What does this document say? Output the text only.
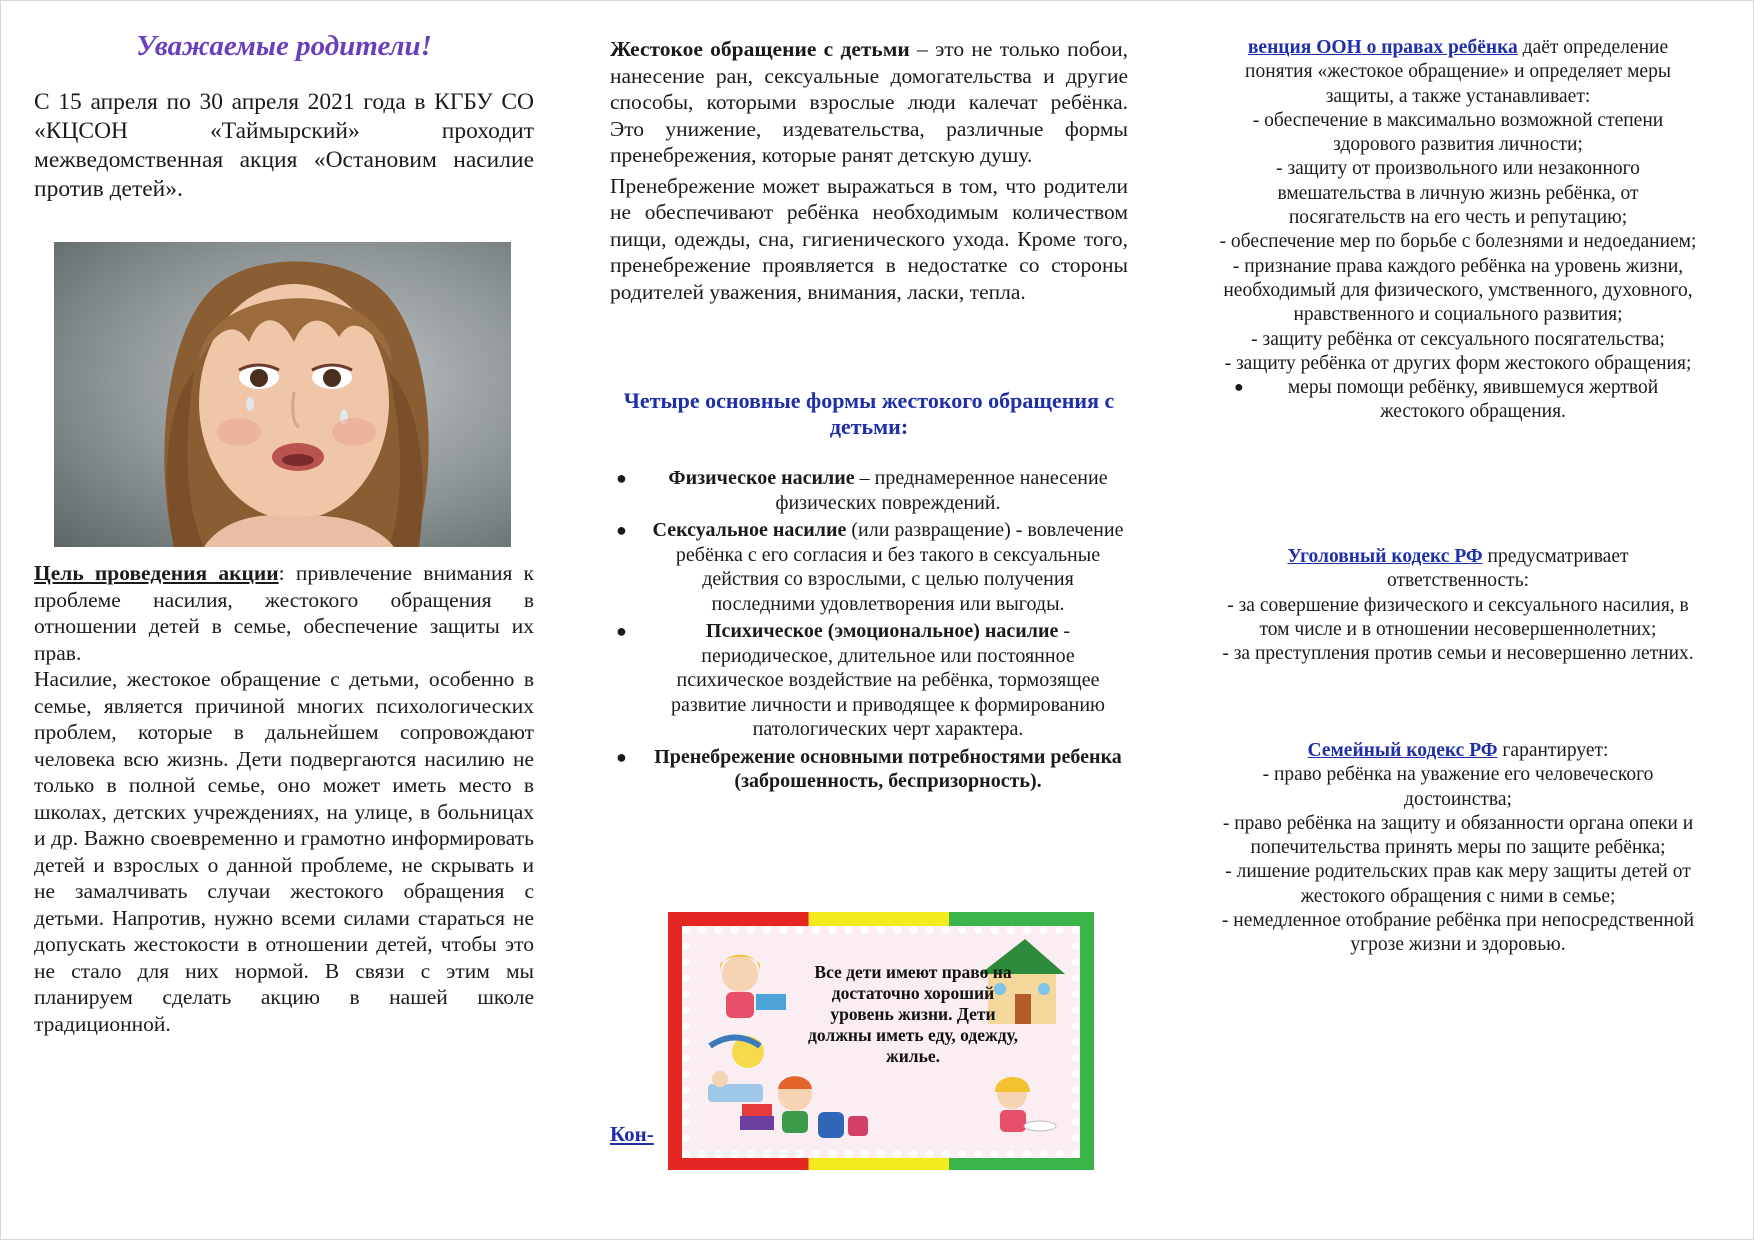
Уважаемые родители!

С 15 апреля по 30 апреля 2021 года в КГБУ СО «КЦСОН «Таймырский» проходит межведомственная акция «Остановим насилие против детей».

Цель проведения акции: привлечение внимания к проблеме насилия, жестокого обращения в отношении детей в семье, обеспечение защиты их прав.

Насилие, жестокое обращение с детьми, особенно в семье, является причиной многих психологических проблем, которые в дальнейшем сопровождают человека всю жизнь. Дети подвергаются насилию не только в полной семье, оно может иметь место в школах, детских учреждениях, на улице, в больницах и др. Важно своевременно и грамотно информировать детей и взрослых о данной проблеме, не скрывать и не замалчивать случаи жестокого обращения с детьми. Напротив, нужно всеми силами стараться не допускать жестокости в отношении детей, чтобы это не стало для них нормой. В связи с этим мы планируем сделать акцию в нашей школе традиционной.

Жестокое обращение с детьми – это не только побои, нанесение ран, сексуальные домогательства и другие способы, которыми взрослые люди калечат ребёнка. Это унижение, издевательства, различные формы пренебрежения, которые ранят детскую душу.

Пренебрежение может выражаться в том, что родители не обеспечивают ребёнка необходимым количеством пищи, одежды, сна, гигиенического ухода. Кроме того, пренебрежение проявляется в недостатке со стороны родителей уважения, внимания, ласки, тепла.

Четыре основные формы жестокого обращения с детьми:
● Физическое насилие – преднамеренное нанесение физических повреждений.
● Сексуальное насилие (или развращение) - вовлечение ребёнка с его согласия и без такого в сексуальные действия со взрослыми, с целью получения последними удовлетворения или выгоды.
●	Психическое (эмоциональное) насилие - периодическое, длительное или постоянное психическое воздействие на ребёнка, тормозящее развитие личности и приводящее к формированию патологических черт характера.
● Пренебрежение основными потребностями ребенка (заброшенность, беспризорность).
Кон-

Все дети имеют право на достаточно хороший уровень жизни. Дети должны иметь еду, одежду, жилье.

венция ООН о правах ребёнка даёт определение понятия «жестокое обращение» и определяет меры защиты, а также устанавливает:

- обеспечение в максимально возможной степени здорового развития личности;

- защиту от произвольного или незаконного вмешательства в личную жизнь ребёнка, от посягательств на его честь и репутацию;

- обеспечение мер по борьбе с болезнями и недоеданием;

- признание права каждого ребёнка на уровень жизни, необходимый для физического, умственного, духовного, нравственного и социального развития;

- защиту ребёнка от сексуального посягательства;

- защиту ребёнка от других форм жестокого обращения;

● меры помощи ребёнку, явившемуся жертвой жестокого обращения.

Уголовный кодекс РФ предусматривает ответственность:

- за совершение физического и сексуального насилия, в том числе и в отношении несовершеннолетних;

- за преступления против семьи и несовершенно летних.

Семейный кодекс РФ гарантирует:

- право ребёнка на уважение его человеческого достоинства;

- право ребёнка на защиту и обязанности органа опеки и попечительства принять меры по защите ребёнка;

- лишение родительских прав как меру защиты детей от жестокого обращения с ними в семье;

- немедленное отобрание ребёнка при непосредственной угрозе жизни и здоровью.
